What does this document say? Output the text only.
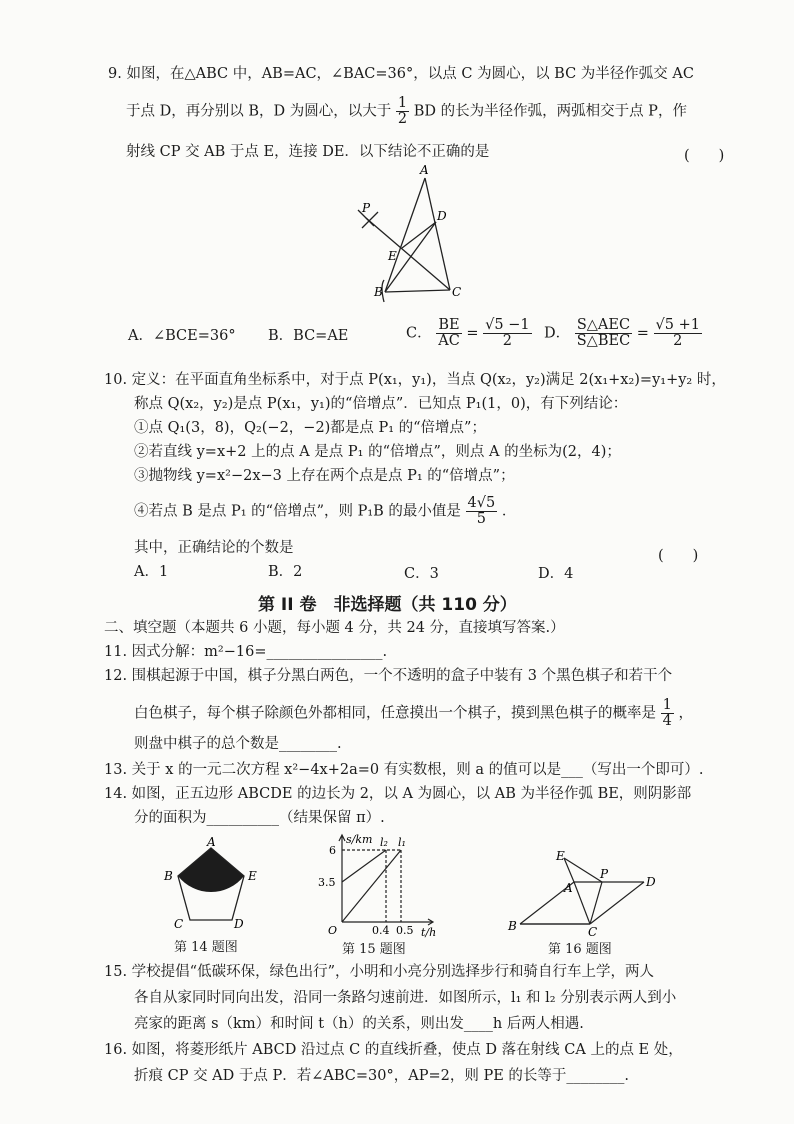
9. 如图，在△ABC 中，AB=AC，∠BAC=36°，以点 C 为圆心，以 BC 为半径作弧交 AC
于点 D，再分别以 B，D 为圆心，以大于 $\frac{1}{2}$ BD 的长为半径作弧，两弧相交于点 P，作
射线 CP 交 AB 于点 E，连接 DE．以下结论不正确的是	(　　)
A
B	C
D
E
P
A．∠BCE=36° B．BC=AE	C． $\frac{BE}{AC} = \frac{√5 -1}{2}$ D． $\frac{\text{S△AEC}}{\text{S△BEC}} = \frac{√5 +1}{2}$
10. 定义：在平面直角坐标系中，对于点 P(x₁，y₁)，当点 Q(x₂，y₂)满足 2(x₁+x₂)=y₁+y₂ 时，
称点 Q(x₂，y₂)是点 P(x₁，y₁)的“倍增点”．已知点 P₁(1，0)，有下列结论：
①点 Q₁(3，8)，Q₂(−2，−2)都是点 P₁ 的“倍增点”；
②若直线 y=x+2 上的点 A 是点 P₁ 的“倍增点”，则点 A 的坐标为(2，4)；
③抛物线 y=x²−2x−3 上存在两个点是点 P₁ 的“倍增点”；
④若点 B 是点 P₁ 的“倍增点”，则 P₁B 的最小值是 $\frac{4√5}{5}$ ．
其中，正确结论的个数是	(　　)
A．1	B．2	C．3	D．4
第 II 卷　非选择题（共 110 分）
二、填空题（本题共 6 小题，每小题 4 分，共 24 分，直接填写答案.）
11. 因式分解：m²−16=________________.
12. 围棋起源于中国，棋子分黑白两色，一个不透明的盒子中装有 3 个黑色棋子和若干个
白色棋子，每个棋子除颜色外都相同，任意摸出一个棋子，摸到黑色棋子的概率是 $\frac{1}{4}$ ，
则盘中棋子的总个数是________.
13. 关于 x 的一元二次方程 x²−4x+2a=0 有实数根，则 a 的值可以是___（写出一个即可）.
14. 如图，正五边形 ABCDE 的边长为 2，以 A 为圆心，以 AB 为半径作弧 BE，则阴影部
分的面积为__________（结果保留 π）.
A
B
C	D
E
第 14 题图
s/km
t/h
O
6
3.5
0.4 0.5
l₂ l₁
第 15 题图
E
A
P
D
B	C
第 16 题图
15. 学校提倡“低碳环保，绿色出行”，小明和小亮分别选择步行和骑自行车上学，两人
各自从家同时同向出发，沿同一条路匀速前进．如图所示，l₁ 和 l₂ 分别表示两人到小
亮家的距离 s（km）和时间 t（h）的关系，则出发____h 后两人相遇.
16. 如图，将菱形纸片 ABCD 沿过点 C 的直线折叠，使点 D 落在射线 CA 上的点 E 处，
折痕 CP 交 AD 于点 P．若∠ABC=30°，AP=2，则 PE 的长等于________.
